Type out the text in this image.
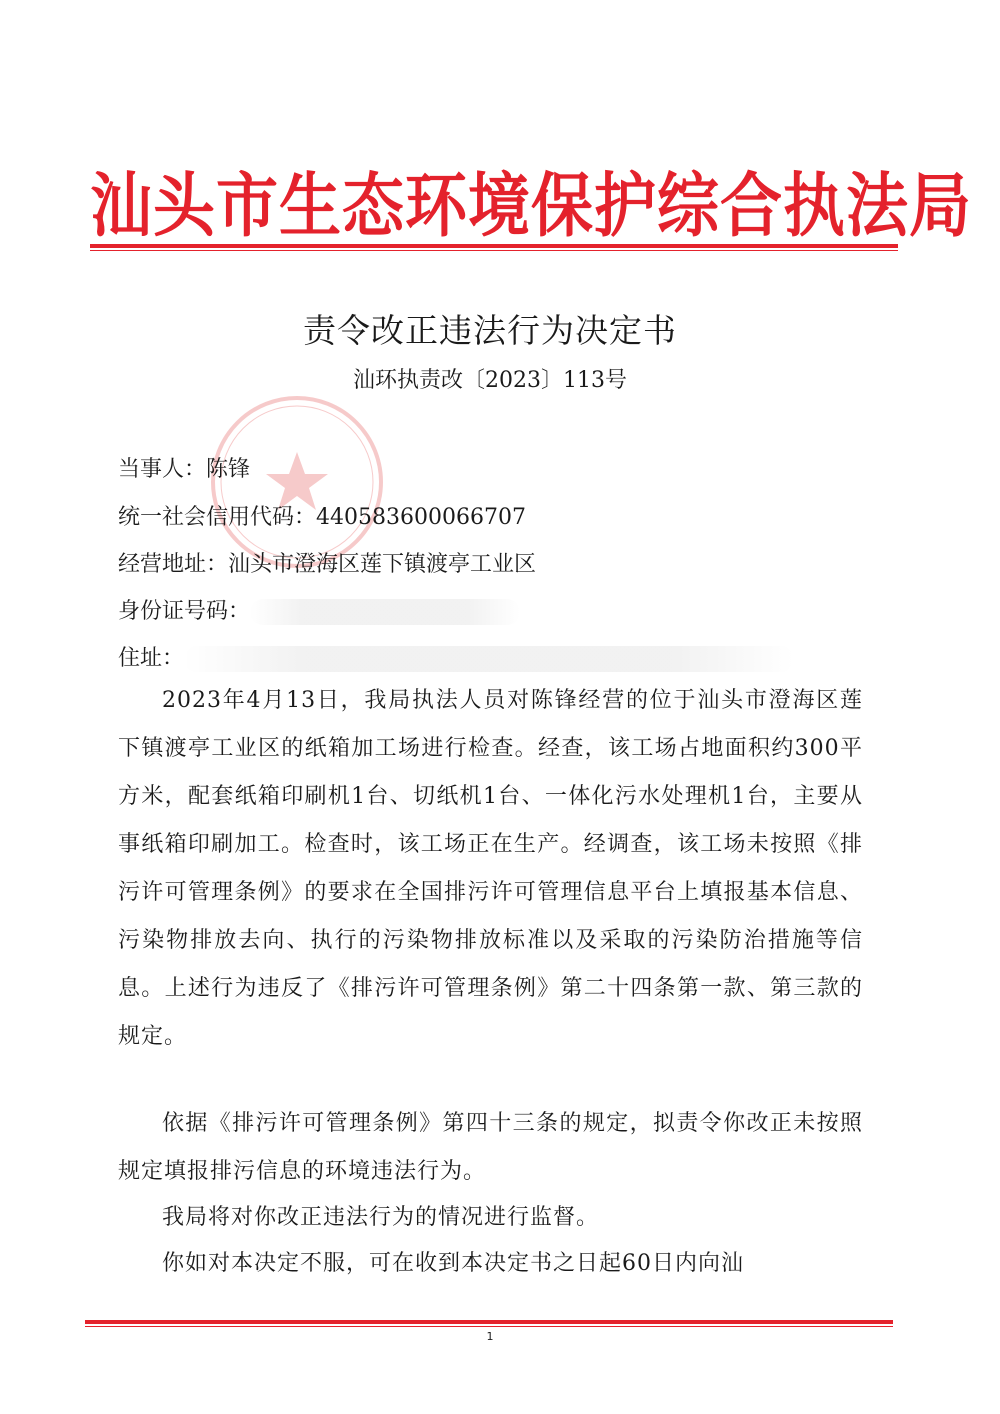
汕头市生态环境保护综合执法局
责令改正违法行为决定书
汕环执责改〔2023〕113号
当事人：陈锋
统一社会信用代码：440583600066707
经营地址：汕头市澄海区莲下镇渡亭工业区
身份证号码：
住址：
2023年4月13日，我局执法人员对陈锋经营的位于汕头市澄海区莲下镇渡亭工业区的纸箱加工场进行检查。经查，该工场占地面积约300平方米，配套纸箱印刷机1台、切纸机1台、一体化污水处理机1台，主要从事纸箱印刷加工。检查时，该工场正在生产。经调查，该工场未按照《排污许可管理条例》的要求在全国排污许可管理信息平台上填报基本信息、污染物排放去向、执行的污染物排放标准以及采取的污染防治措施等信息。上述行为违反了《排污许可管理条例》第二十四条第一款、第三款的规定。
依据《排污许可管理条例》第四十三条的规定，拟责令你改正未按照规定填报排污信息的环境违法行为。
我局将对你改正违法行为的情况进行监督。
你如对本决定不服，可在收到本决定书之日起60日内向汕
1
